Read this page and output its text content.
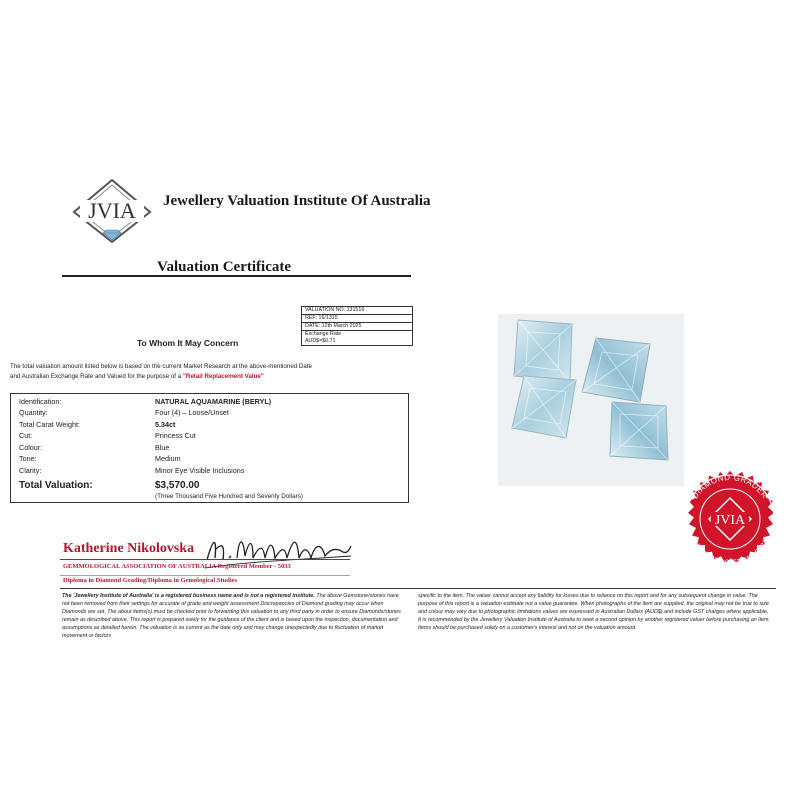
JVIA Jewellery Valuation Institute Of Australia
Valuation Certificate
VALUATION NO: 131516
REF: 16/1315
DATE: 12th March 2025
Exchange Rate
AUD$=$0.71
To Whom It May Concern
The total valuation amount listed below is based on the current Market Research at the above-mentioned Date
and Australian Exchange Rate and Valued for the purpose of a "Retail Replacement Value"
Identification:	NATURAL AQUAMARINE (BERYL)
Quantity:	Four (4) – Loose/Unset
Total Carat Weight:	5.34ct
Cut:	Princess Cut
Colour:	Blue
Tone:	Medium
Clarity:	Minor Eye Visible Inclusions
Total Valuation:	$3,570.00
(Three Thousand Five Hundred and Seventy Dollars)
Katherine Nikolovska
GEMMOLOGICAL ASSOCIATION OF AUSTRALIA Registered Member - 5033
Diploma in Diamond Grading/Diploma in Gemological Studies
The 'Jewellery Institute of Australia' is a registered business name and is not a registered institute. The above Gemstone/stones have not been removed from their settings for accurate of grade and weight assessment Discrepancies of Diamond grading may occur when Diamonds are set. The about items(s) must be checked prior to forwarding this valuation to any third party in order to ensure Diamonds/stones remain as described above. This report is prepared solely for the guidance of the client and is based upon the inspection, documentation and assumptions as detailed herein. The valuation is as current as the date only and may change unexpectedly due to fluctuation of market movement or factors
specific to the item. The valuer cannot accept any liability for losses due to reliance on this report and for any subsequent change in value. The purpose of this report is a valuation estimate not a value guarantee. When photographs of the item are supplied, the original may not be true to size and colour may vary due to photographic limitations values are expressed in Australian Dollars (AUD$) and include GST charges where applicable. It is recommended by the Jewellery Valuation Institute of Australia to seek a second opinion by another registered valuer before purchasing an item. Items should be purchased solely on a customer's interest and not on the valuation amount.
DIAMOND GRADER
GEMMOLOGIST NO 5033
JVIA
